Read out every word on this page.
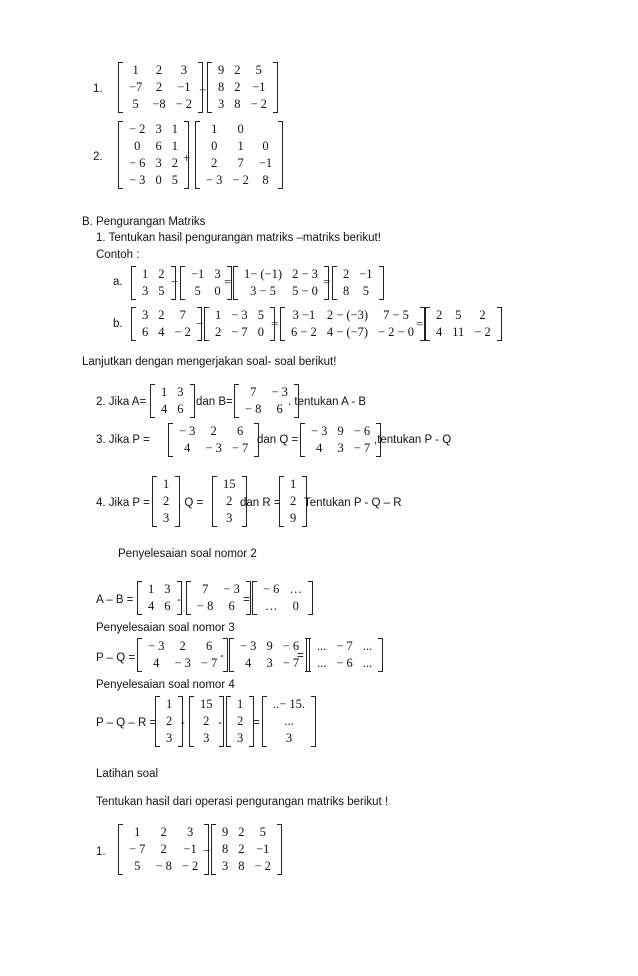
1.
1	2	3
−7	2	−1
5	−8	− 2
+
9	2	5
8	2	−1
3	8	− 2
2.
− 2	3	1
0	6	1
− 6	3	2
− 3	0	5
+
1	0	
0	1	0
2	7	−1
− 3	− 2	8
B. Pengurangan Matriks
1. Tentukan hasil pengurangan matriks –matriks berikut!
Contoh :
a.
1	2
3	5
− −1	3
5	0
= 1− (−1)	2 − 3
3 − 5	5 − 0
= 2	−1
8	5
b.
3	2	7
6	4	− 2
−
1	− 3	5
2	− 7	0
=
3 −1	2 − (−3)	7 − 5
6 − 2	4 − (−7)	− 2 − 0
=
2	5	2
4	11	− 2
Lanjutkan dengan mengerjakan soal- soal berikut!
2. Jika A=
1	3
4	6 dan B=
7	− 3
− 8	6 . tentukan A - B
3. Jika P =
− 3	2	6
4	− 3	− 7
dan Q =
− 3	9	− 6
4	3	− 7
,tentukan P - Q
4. Jika P =
1
2
3
, Q =
15
2
3
dan R =
1
2
9
Tentukan P - Q – R
Penyelesaian soal nomor 2
A – B =
1	3
4	6 -
7	− 3
− 8	6 =
− 6	…
…	0
Penyelesaian soal nomor 3
P – Q =
− 3	2	6
4	− 3	− 7 -
− 3	9	− 6
4	3	− 7
=
...	− 7	...
...	− 6	...
Penyelesaian soal nomor 4
P – Q – R =
1
2
3
-
15
2
3
-
1
2
3
=
..− 15.
...
3
Latihan soal
Tentukan hasil dari operasi pengurangan matriks berikut !
1.
1	2	3
− 7	2	−1
5	− 8	− 2
−
9	2	5
8	2	−1
3	8	− 2
